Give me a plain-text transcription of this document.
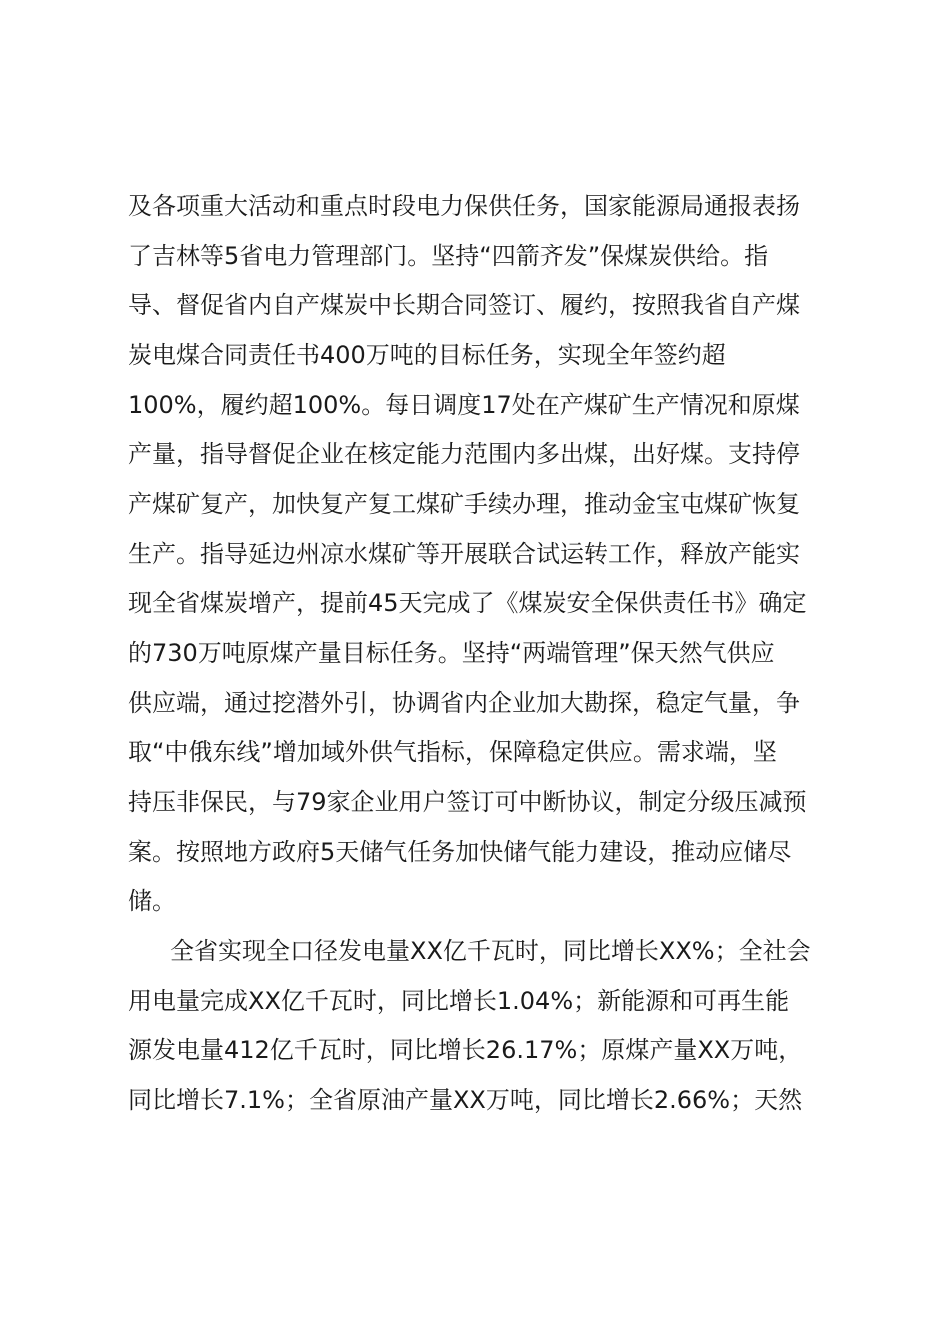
及各项重大活动和重点时段电力保供任务，国家能源局通报表扬

了吉林等5省电力管理部门。坚持“四箭齐发”保煤炭供给。指

导、督促省内自产煤炭中长期合同签订、履约，按照我省自产煤

炭电煤合同责任书400万吨的目标任务，实现全年签约超

100%，履约超100%。每日调度17处在产煤矿生产情况和原煤

产量，指导督促企业在核定能力范围内多出煤，出好煤。支持停

产煤矿复产，加快复产复工煤矿手续办理，推动金宝屯煤矿恢复

生产。指导延边州凉水煤矿等开展联合试运转工作，释放产能实

现全省煤炭增产，提前45天完成了《煤炭安全保供责任书》确定

的730万吨原煤产量目标任务。坚持“两端管理”保天然气供应

供应端，通过挖潜外引，协调省内企业加大勘探，稳定气量，争

取“中俄东线”增加域外供气指标，保障稳定供应。需求端，坚

持压非保民，与79家企业用户签订可中断协议，制定分级压减预

案。按照地方政府5天储气任务加快储气能力建设，推动应储尽

储。

全省实现全口径发电量XX亿千瓦时，同比增长XX%；全社会

用电量完成XX亿千瓦时，同比增长1.04%；新能源和可再生能

源发电量412亿千瓦时，同比增长26.17%；原煤产量XX万吨，

同比增长7.1%；全省原油产量XX万吨，同比增长2.66%；天然
